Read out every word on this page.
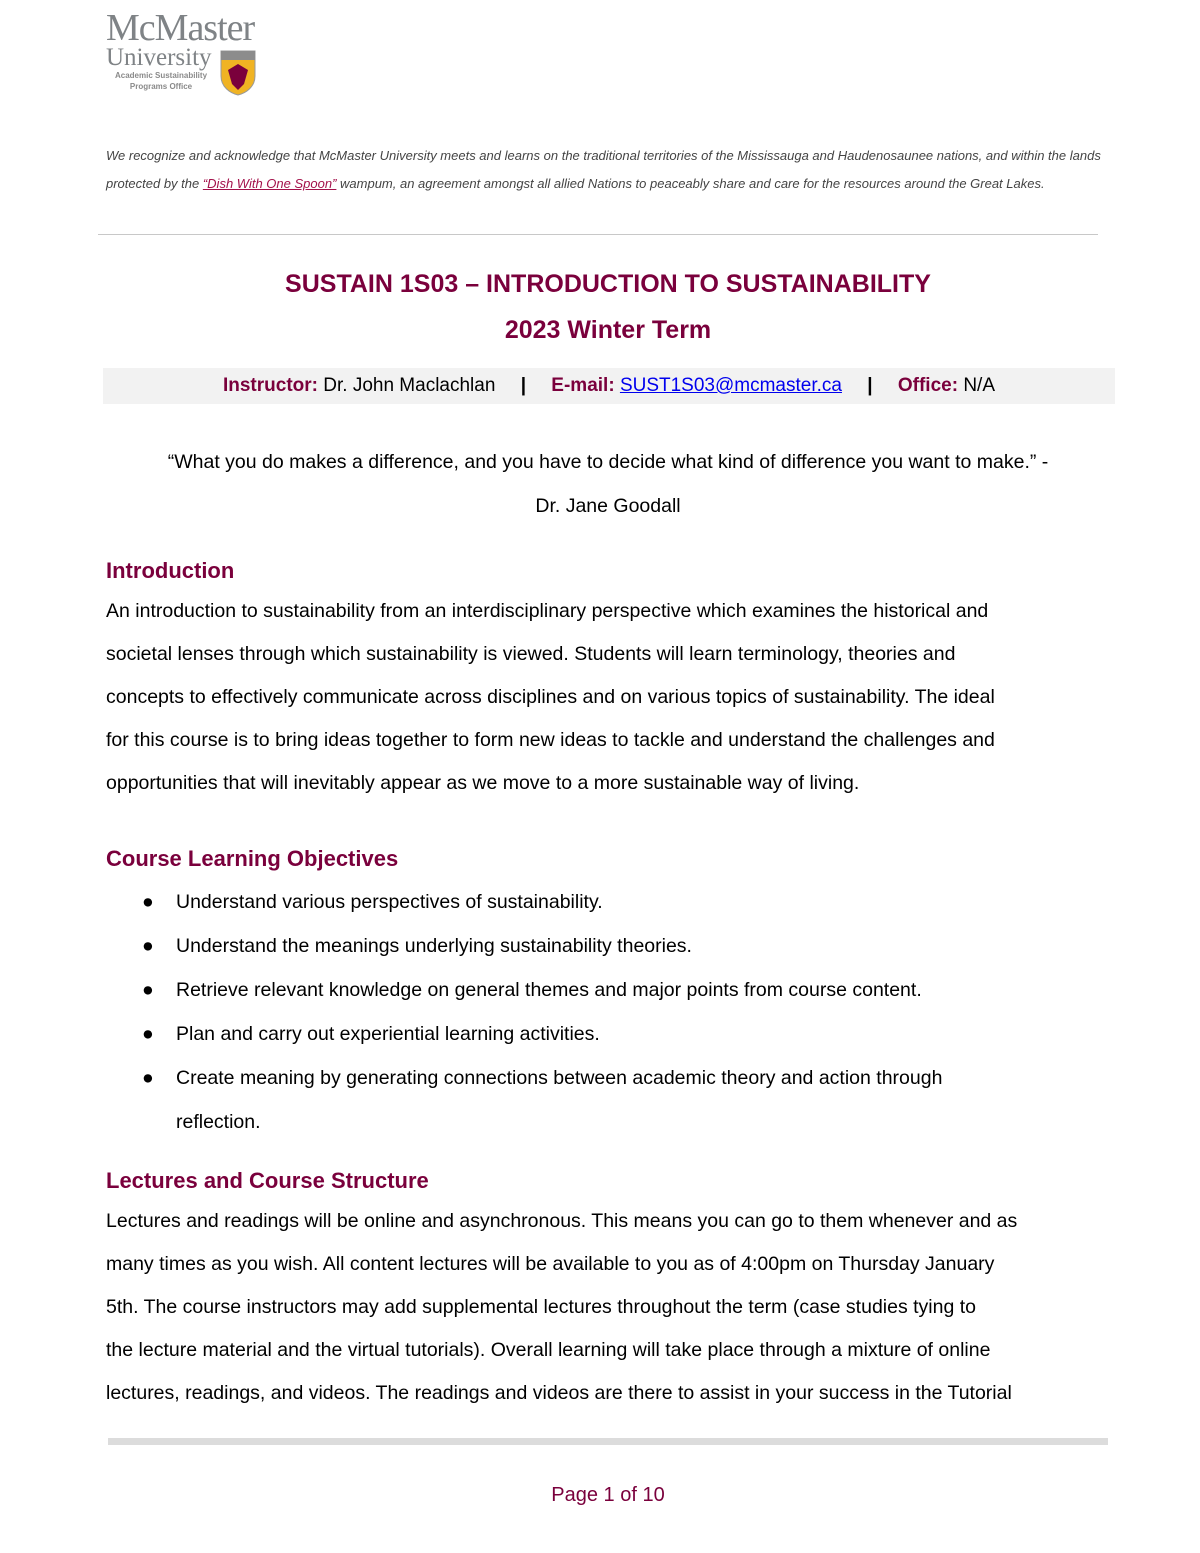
McMaster
University
Academic Sustainability
Programs Office
We recognize and acknowledge that McMaster University meets and learns on the traditional territories of the Mississauga and Haudenosaunee nations, and within the lands protected by the “Dish With One Spoon” wampum, an agreement amongst all allied Nations to peaceably share and care for the resources around the Great Lakes.
SUSTAIN 1S03 – INTRODUCTION TO SUSTAINABILITY
2023 Winter Term
Instructor: Dr. John Maclachlan | E-mail: SUST1S03@mcmaster.ca | Office: N/A
“What you do makes a difference, and you have to decide what kind of difference you want to make.” -
Dr. Jane Goodall
Introduction
An introduction to sustainability from an interdisciplinary perspective which examines the historical and
societal lenses through which sustainability is viewed. Students will learn terminology, theories and
concepts to effectively communicate across disciplines and on various topics of sustainability. The ideal
for this course is to bring ideas together to form new ideas to tackle and understand the challenges and
opportunities that will inevitably appear as we move to a more sustainable way of living.
Course Learning Objectives
● Understand various perspectives of sustainability.
● Understand the meanings underlying sustainability theories.
● Retrieve relevant knowledge on general themes and major points from course content.
● Plan and carry out experiential learning activities.
● Create meaning by generating connections between academic theory and action through
reflection.
Lectures and Course Structure
Lectures and readings will be online and asynchronous. This means you can go to them whenever and as
many times as you wish. All content lectures will be available to you as of 4:00pm on Thursday January
5th. The course instructors may add supplemental lectures throughout the term (case studies tying to
the lecture material and the virtual tutorials). Overall learning will take place through a mixture of online
lectures, readings, and videos. The readings and videos are there to assist in your success in the Tutorial
Page 1 of 10
